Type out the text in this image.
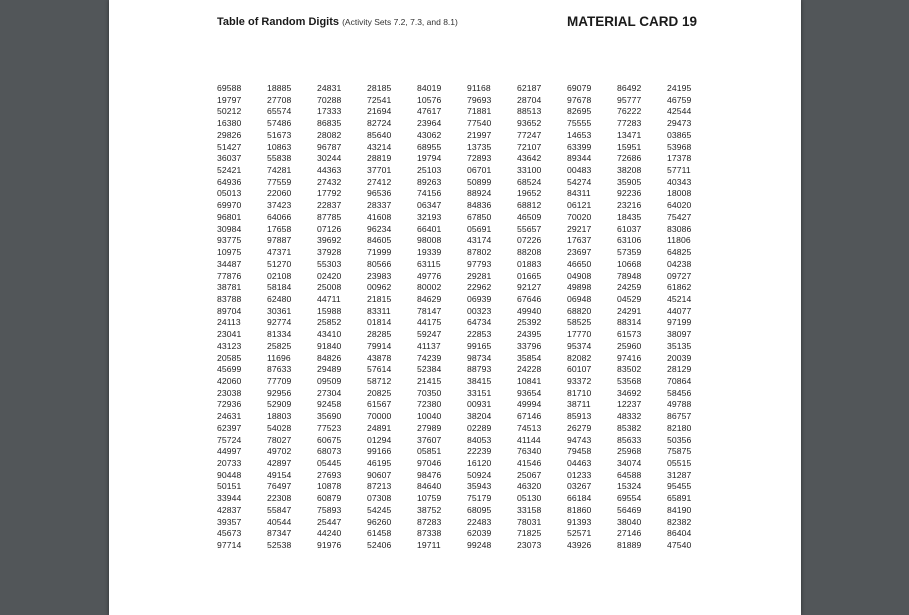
Table of Random Digits (Activity Sets 7.2, 7.3, and 8.1)	MATERIAL CARD 19
69588	18885	24831	28185	84019	91168	62187	69079	86492	24195
19797	27708	70288	72541	10576	79693	28704	97678	95777	46759
50212	65574	17333	21694	47617	71881	88513	82695	76222	42544
16380	57486	86835	82724	23964	77540	93652	75555	77283	29473
29826	51673	28082	85640	43062	21997	77247	14653	13471	03865
51427	10863	96787	43214	68955	13735	72107	63399	15951	53968
36037	55838	30244	28819	19794	72893	43642	89344	72686	17378
52421	74281	44363	37701	25103	06701	33100	00483	38208	57711
64936	77559	27432	27412	89263	50899	68524	54274	35905	40343
05013	22060	17792	96536	74156	88924	19652	84311	92236	18008
69970	37423	22837	28337	06347	84836	68812	06121	23216	64020
96801	64066	87785	41608	32193	67850	46509	70020	18435	75427
30984	17658	07126	96234	66401	05691	55657	29217	61037	83086
93775	97887	39692	84605	98008	43174	07226	17637	63106	11806
10975	47371	37928	71999	19339	87802	88208	23697	57359	64825
34487	51270	55303	80566	63115	97793	01883	46650	10668	04238
77876	02108	02420	23983	49776	29281	01665	04908	78948	09727
38781	58184	25008	00962	80002	22962	92127	49898	24259	61862
83788	62480	44711	21815	84629	06939	67646	06948	04529	45214
89704	30361	15988	83311	78147	00323	49940	68820	24291	44077
24113	92774	25852	01814	44175	64734	25392	58525	88314	97199
23041	81334	43410	28285	59247	22853	24395	17770	61573	38097
43123	25825	91840	79914	41137	99165	33796	95374	25960	35135
20585	11696	84826	43878	74239	98734	35854	82082	97416	20039
45699	87633	29489	57614	52384	88793	24228	60107	83502	28129
42060	77709	09509	58712	21415	38415	10841	93372	53568	70864
23038	92956	27304	20825	70350	33151	93654	81710	34692	58456
72936	52909	92458	61567	72380	00931	49994	38711	12237	49788
24631	18803	35690	70000	10040	38204	67146	85913	48332	86757
62397	54028	77523	24891	27989	02289	74513	26279	85382	82180
75724	78027	60675	01294	37607	84053	41144	94743	85633	50356
44997	49702	68073	99166	05851	22239	76340	79458	25968	75875
20733	42897	05445	46195	97046	16120	41546	04463	34074	05515
90448	49154	27693	90607	98476	50924	25067	01233	64588	31287
50151	76497	10878	87213	84640	35943	46320	03267	15324	95455
33944	22308	60879	07308	10759	75179	05130	66184	69554	65891
42837	55847	75893	54245	38752	68095	33158	81860	56469	84190
39357	40544	25447	96260	87283	22483	78031	91393	38040	82382
45673	87347	44240	61458	87338	62039	71825	52571	27146	86404
97714	52538	91976	52406	19711	99248	23073	43926	81889	47540
